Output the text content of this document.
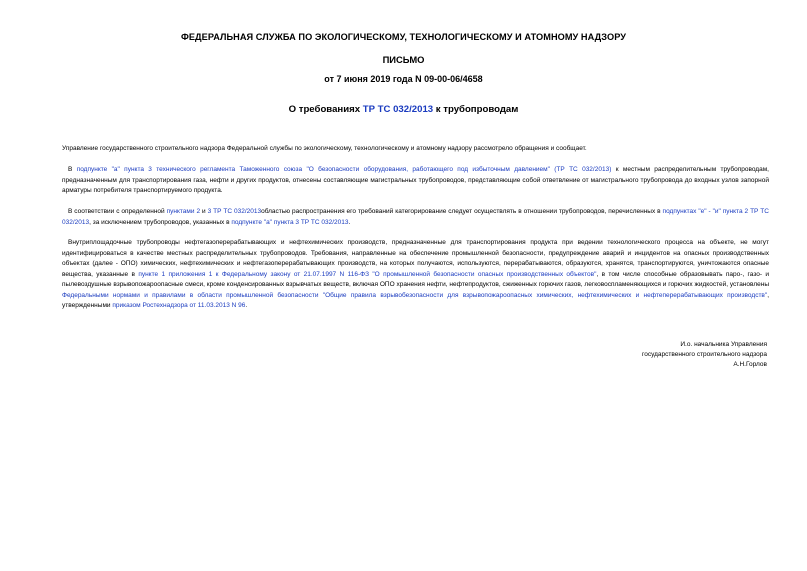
ФЕДЕРАЛЬНАЯ СЛУЖБА ПО ЭКОЛОГИЧЕСКОМУ, ТЕХНОЛОГИЧЕСКОМУ И АТОМНОМУ НАДЗОРУ
ПИСЬМО
от 7 июня 2019 года N 09-00-06/4658
О требованиях ТР ТС 032/2013 к трубопроводам
Управление государственного строительного надзора Федеральной службы по экологическому, технологическому и атомному надзору рассмотрело обращения и сообщает.
В подпункте "а" пункта 3 технического регламента Таможенного союза "О безопасности оборудования, работающего под избыточным давлением" (ТР ТС 032/2013) к местным распределительным трубопроводам, предназначенным для транспортирования газа, нефти и других продуктов, отнесены составляющие магистральных трубопроводов, представляющие собой ответвление от магистрального трубопровода до входных узлов запорной арматуры потребителя транспортируемого продукта.
В соответствии с определенной пунктами 2 и 3 ТР ТС 032/2013областью распространения его требований категорирование следует осуществлять в отношении трубопроводов, перечисленных в подпунктах "е" - "и" пункта 2 ТР ТС 032/2013, за исключением трубопроводов, указанных в подпункте "а" пункта 3 ТР ТС 032/2013.
Внутриплощадочные трубопроводы нефтегазоперерабатывающих и нефтехимических производств, предназначенные для транспортирования продукта при ведении технологического процесса на объекте, не могут идентифицироваться в качестве местных распределительных трубопроводов. Требования, направленные на обеспечение промышленной безопасности, предупреждение аварий и инцидентов на опасных производственных объектах (далее - ОПО) химических, нефтехимических и нефтегазоперерабатывающих производств, на которых получаются, используются, перерабатываются, образуются, хранятся, транспортируются, уничтожаются опасные вещества, указанные в пункте 1 приложения 1 к Федеральному закону от 21.07.1997 N 116-ФЗ "О промышленной безопасности опасных производственных объектов", в том числе способные образовывать паро-, газо- и пылевоздушные взрывопожароопасные смеси, кроме конденсированных взрывчатых веществ, включая ОПО хранения нефти, нефтепродуктов, сжиженных горючих газов, легковоспламеняющихся и горючих жидкостей, установлены Федеральными нормами и правилами в области промышленной безопасности "Общие правила взрывобезопасности для взрывопожароопасных химических, нефтехимических и нефтеперерабатывающих производств", утвержденными приказом Ростехнадзора от 11.03.2013 N 96.
И.о. начальника Управления
государственного строительного надзора
А.Н.Горлов
